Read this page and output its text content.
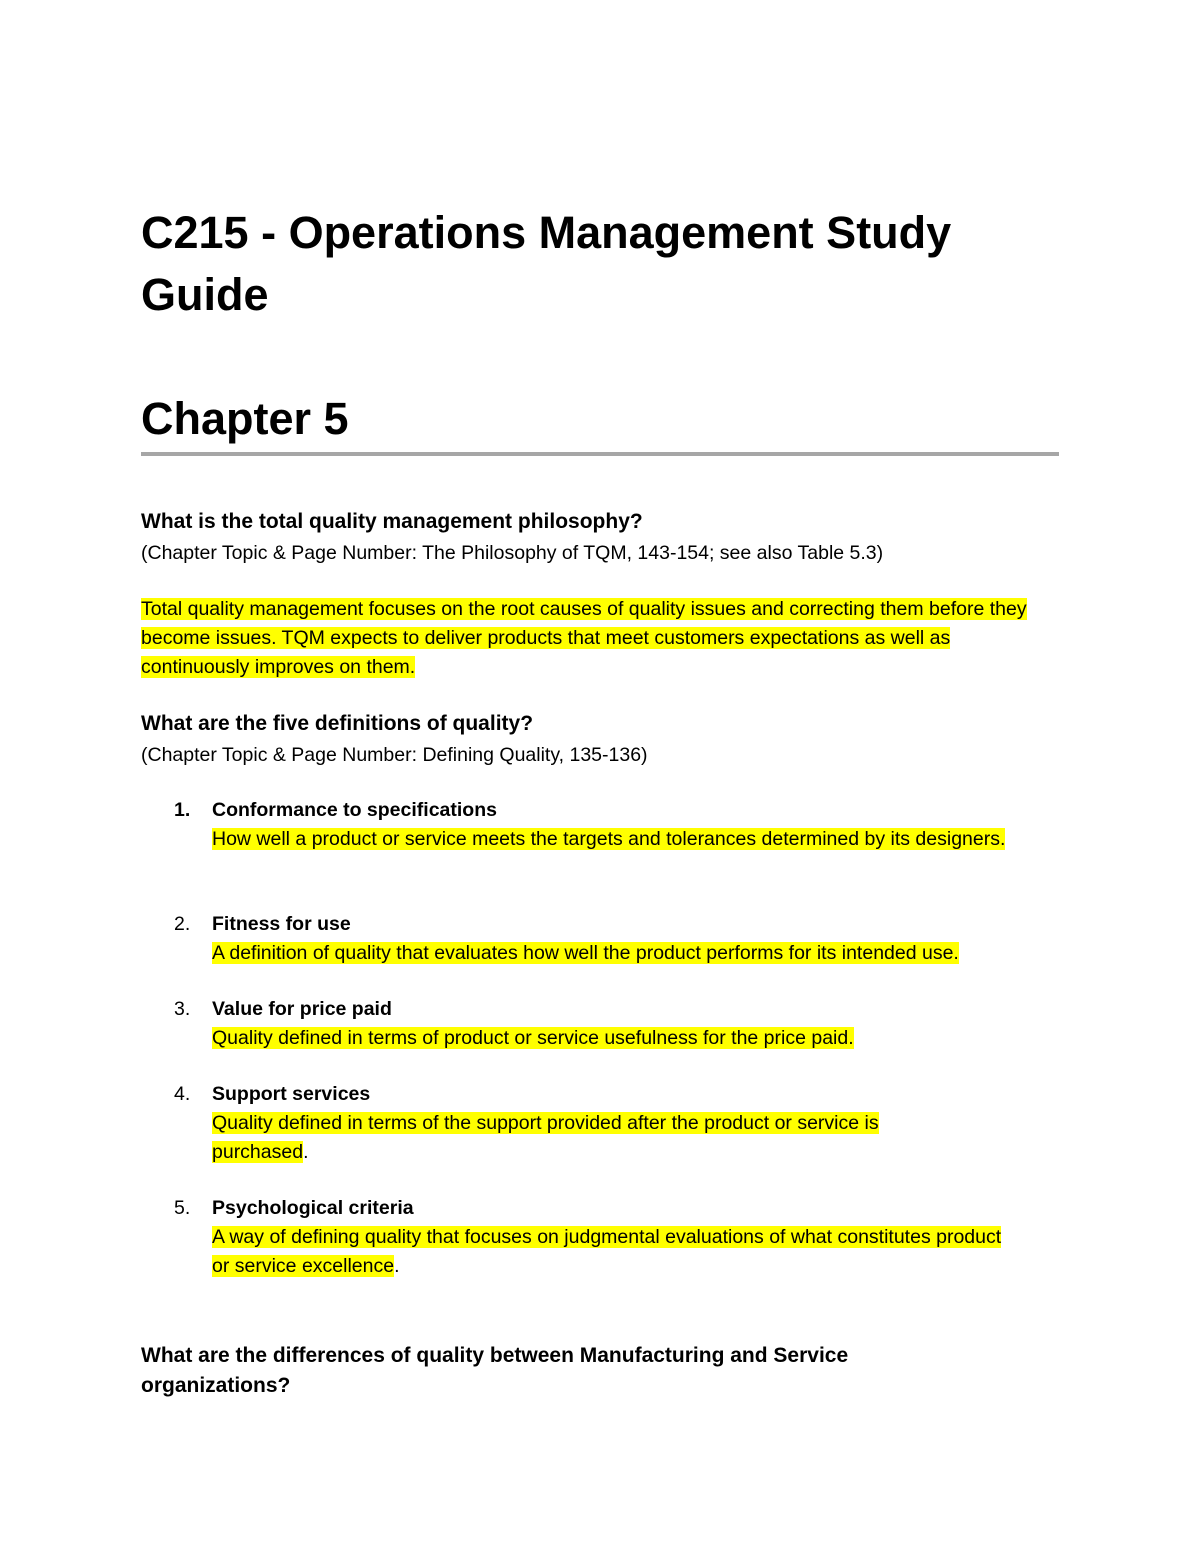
C215 - Operations Management Study Guide
Chapter 5
What is the total quality management philosophy?

(Chapter Topic & Page Number: The Philosophy of TQM, 143-154; see also Table 5.3)

Total quality management focuses on the root causes of quality issues and correcting them before they become issues. TQM expects to deliver products that meet customers expectations as well as continuously improves on them.

What are the five definitions of quality?

(Chapter Topic & Page Number: Defining Quality, 135-136)

1. Conformance to specifications

How well a product or service meets the targets and tolerances determined by its designers.

2. Fitness for use

A definition of quality that evaluates how well the product performs for its intended use.

3. Value for price paid

Quality defined in terms of product or service usefulness for the price paid.

4. Support services

Quality defined in terms of the support provided after the product or service is purchased.

5. Psychological criteria

A way of defining quality that focuses on judgmental evaluations of what constitutes product or service excellence.

What are the differences of quality between Manufacturing and Service organizations?
